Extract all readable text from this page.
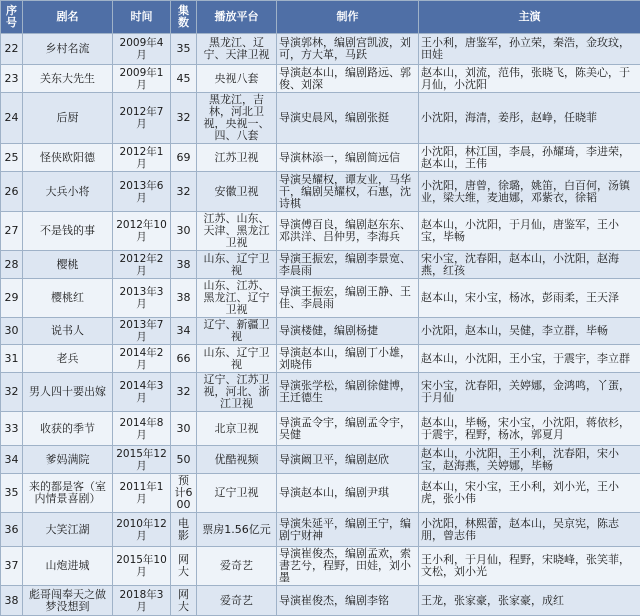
序号	剧名	时间	集数	播放平台	制作	主演
22	乡村名流	2009年4月	35	黑龙江、辽宁、天津卫视	导演郭林，编剧宫凯波，刘可，方大革，马跃	王小利，唐鉴军，孙立荣，秦浩，金玫玟，田娃
23	关东大先生	2009年1月	45	央视八套	导演赵本山，编剧路远、郭俊、刘深	赵本山，刘流，范伟，张晓飞，陈美心，于月仙，小沈阳
24	后厨	2012年7月	32	黑龙江，吉林，河北卫视，央视一、四、八套	导演史晨风，编剧张挺	小沈阳，海清，姜彤，赵峥，任晓菲
25	怪侠欧阳德	2012年1月	69	江苏卫视	导演林添一，编剧简远信	小沈阳，林江国，李晨，孙耀琦，李进荣，赵本山，王伟
26	大兵小将	2013年6月	32	安徽卫视	导演吴耀权，谭友业，马华干，编剧吴耀权，石惠，沈诗棋	小沈阳，唐曾，徐璐，姚笛，白百何，汤镇业，梁大维，麦迪娜，邓紫衣，徐韬
27	不是钱的事	2012年10月	30	江苏、山东、天津、黑龙江卫视	导演傅百良，编剧赵东东、邓洪洋、吕仲男，李海兵	赵本山，小沈阳，于月仙，唐鉴军，王小宝，毕畅
28	樱桃	2012年2月	38	山东、辽宁卫视	导演王振宏，编剧李景宽、李晨雨	宋小宝，沈春阳，赵本山，小沈阳，赵海燕，红孩
29	樱桃红	2013年3月	38	山东、江苏、黑龙江、辽宁卫视	导演王振宏，编剧王静、王佳、李晨雨	赵本山，宋小宝，杨冰，彭雨柔，王天泽
30	说书人	2013年7月	34	辽宁、新疆卫视	导演楼健，编剧杨捷	小沈阳，赵本山，吴健，李立群，毕畅
31	老兵	2014年2月	66	山东、辽宁卫视	导演赵本山，编剧丁小雄，刘晓伟	赵本山，小沈阳，王小宝，于震宇，李立群
32	男人四十要出嫁	2014年3月	32	辽宁、江苏卫视，河北、浙江卫视	导演张学松，编剧徐健博，王迁德生	宋小宝，沈春阳，关婷娜，金鸿鸣，丫蛋，于月仙
33	收获的季节	2014年8月	30	北京卫视	导演孟令宇，编剧孟令宇，吴健	赵本山，毕畅，宋小宝，小沈阳，蒋依杉，于震宇，程野，杨冰，郭夏月
34	爹妈满院	2015年12月	50	优酷视频	导演阚卫平，编剧赵欣	赵本山，小沈阳，王小利，沈春阳，宋小宝，赵海燕，关婷娜，毕畅
35	来的都是客（室内情景喜剧）	2011年1月	预计600	辽宁卫视	导演赵本山，编剧尹琪	赵本山，宋小宝，王小利，刘小光，王小虎，张小伟
36	大笑江湖	2010年12月	电影	票房1.56亿元	导演朱延平，编剧王宁，编剧宁财神	小沈阳，林熙蕾，赵本山，吴京宪，陈志朋，曾志伟
37	山炮进城	2015年10月	网大	爱奇艺	导演崔俊杰，编剧孟欢，索書艺兮，程野，田娃，刘小墨	王小利，于月仙，程野，宋晓峰，张笑菲，文松，刘小光
38	彪哥闯奉天之做梦没想到	2018年3月	网大	爱奇艺	导演崔俊杰，编剧李铭	王龙，张家豪，张家豪，成红
